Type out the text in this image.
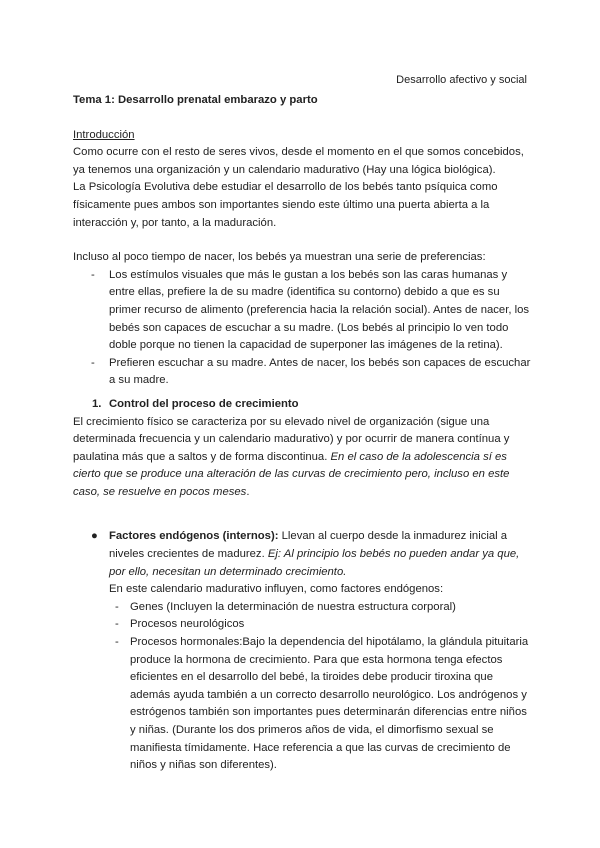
Desarrollo afectivo y social

Tema 1: Desarrollo prenatal embarazo y parto

Introducción

Como ocurre con el resto de seres vivos, desde el momento en el que somos concebidos, ya tenemos una organización y un calendario madurativo (Hay una lógica biológica).

La Psicología Evolutiva debe estudiar el desarrollo de los bebés tanto psíquica como físicamente pues ambos son importantes siendo este último una puerta abierta a la interacción y, por tanto, a la maduración.

Incluso al poco tiempo de nacer, los bebés ya muestran una serie de preferencias:

- Los estímulos visuales que más le gustan a los bebés son las caras humanas y entre ellas, prefiere la de su madre (identifica su contorno) debido a que es su primer recurso de alimento (preferencia hacia la relación social). Antes de nacer, los bebés son capaces de escuchar a su madre. (Los bebés al principio lo ven todo doble porque no tienen la capacidad de superponer las imágenes de la retina).
- Prefieren escuchar a su madre. Antes de nacer, los bebés son capaces de escuchar a su madre.
1. Control del proceso de crecimiento

El crecimiento físico se caracteriza por su elevado nivel de organización (sigue una determinada frecuencia y un calendario madurativo) y por ocurrir de manera contínua y paulatina más que a saltos y de forma discontinua. En el caso de la adolescencia sí es cierto que se produce una alteración de las curvas de crecimiento pero, incluso en este caso, se resuelve en pocos meses.

● Factores endógenos (internos): Llevan al cuerpo desde la inmadurez inicial a niveles crecientes de madurez. Ej: Al principio los bebés no pueden andar ya que, por ello, necesitan un determinado crecimiento.

En este calendario madurativo influyen, como factores endógenos:

- Genes (Incluyen la determinación de nuestra estructura corporal)
- Procesos neurológicos
- Procesos hormonales:Bajo la dependencia del hipotálamo, la glándula pituitaria produce la hormona de crecimiento. Para que esta hormona tenga efectos eficientes en el desarrollo del bebé, la tiroides debe producir tiroxina que además ayuda también a un correcto desarrollo neurológico. Los andrógenos y estrógenos también son importantes pues determinarán diferencias entre niños y niñas. (Durante los dos primeros años de vida, el dimorfismo sexual se manifiesta tímidamente. Hace referencia a que las curvas de crecimiento de niños y niñas son diferentes).
